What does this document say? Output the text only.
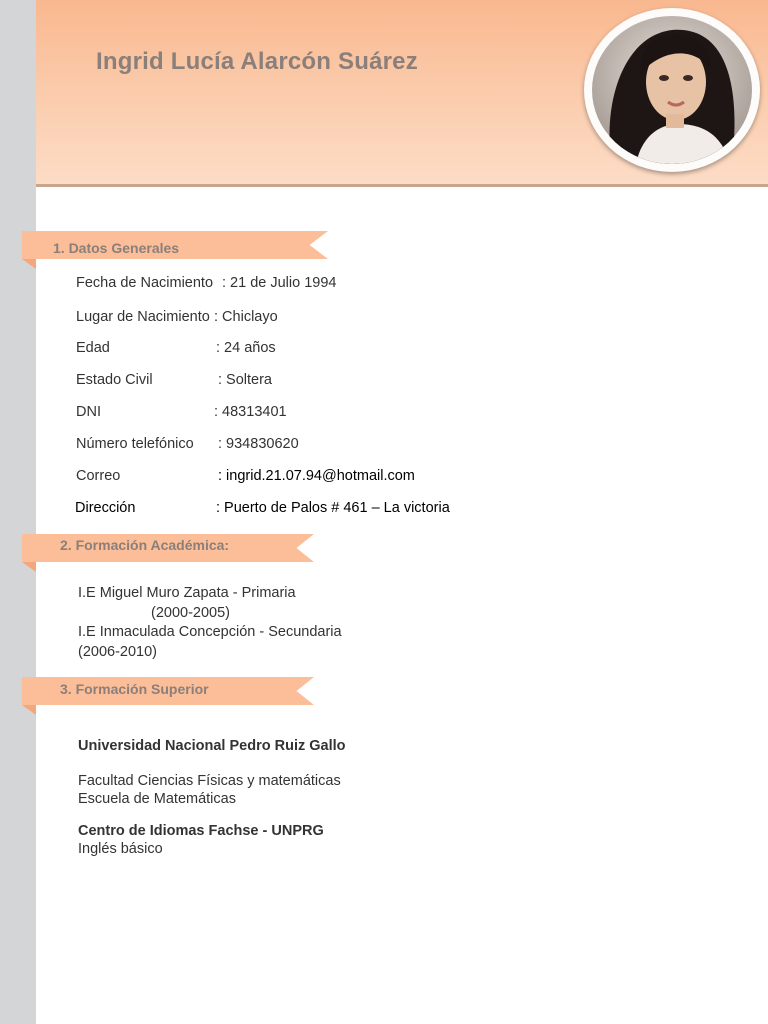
Ingrid Lucía Alarcón Suárez
1. Datos Generales
Fecha de Nacimiento : 21 de Julio 1994
Lugar de Nacimiento : Chiclayo
Edad	: 24 años
Estado Civil	: Soltera
DNI	: 48313401
Número telefónico : 934830620
Correo	: ingrid.21.07.94@hotmail.com
Dirección	: Puerto de Palos # 461 – La victoria
2. Formación Académica:
I.E Miguel Muro Zapata - Primaria
(2000-2005)
I.E Inmaculada Concepción - Secundaria
(2006-2010)
3. Formación Superior
Universidad Nacional Pedro Ruiz Gallo
Facultad Ciencias Físicas y matemáticas
Escuela de Matemáticas
Centro de Idiomas Fachse - UNPRG
Inglés básico
